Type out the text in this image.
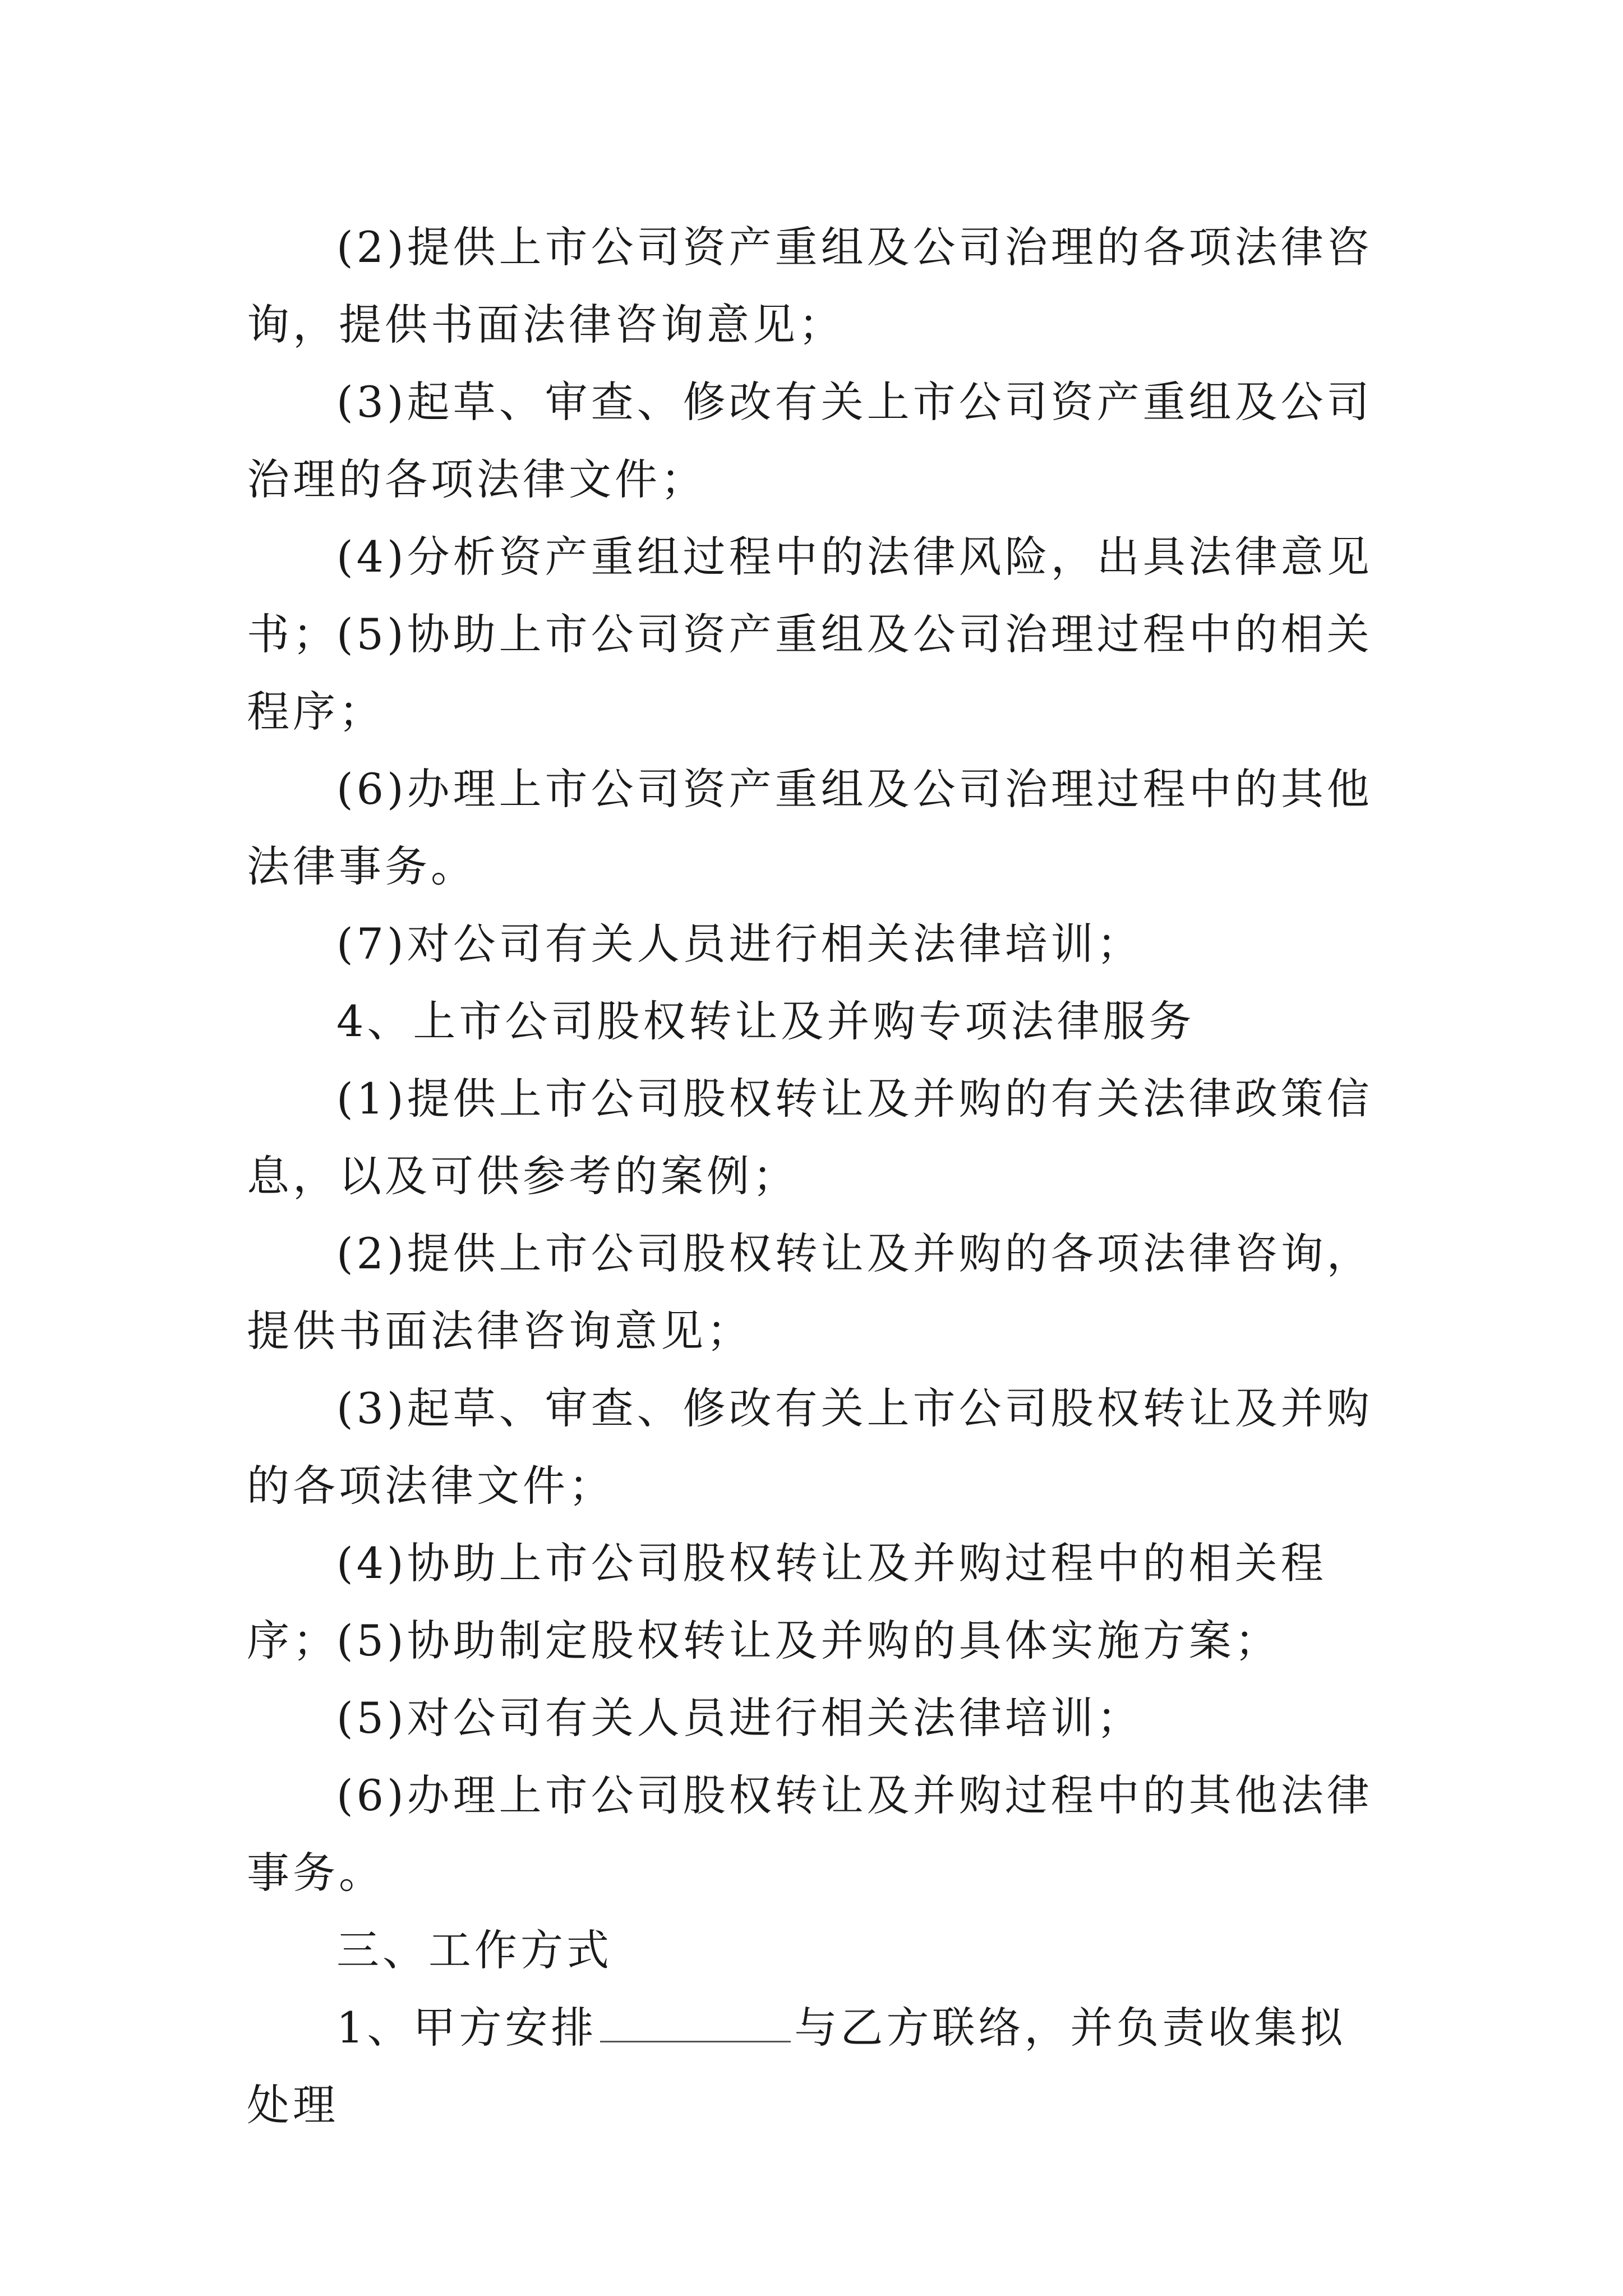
(2)提供上市公司资产重组及公司治理的各项法律咨询，提供书面法律咨询意见；

(3)起草、审查、修改有关上市公司资产重组及公司治理的各项法律文件；

(4)分析资产重组过程中的法律风险，出具法律意见书；

(5)协助上市公司资产重组及公司治理过程中的相关程序；

(6)办理上市公司资产重组及公司治理过程中的其他法律事务。

(7)对公司有关人员进行相关法律培训；

4、上市公司股权转让及并购专项法律服务

(1)提供上市公司股权转让及并购的有关法律政策信息，以及可供参考的案例；

(2)提供上市公司股权转让及并购的各项法律咨询，提供书面法律咨询意见；

(3)起草、审查、修改有关上市公司股权转让及并购的各项法律文件；

(4)协助上市公司股权转让及并购过程中的相关程序；

(5)协助制定股权转让及并购的具体实施方案；

(5)对公司有关人员进行相关法律培训；

(6)办理上市公司股权转让及并购过程中的其他法律事务。

三、工作方式

1、甲方安排	与乙方联络，并负责收集拟处理
